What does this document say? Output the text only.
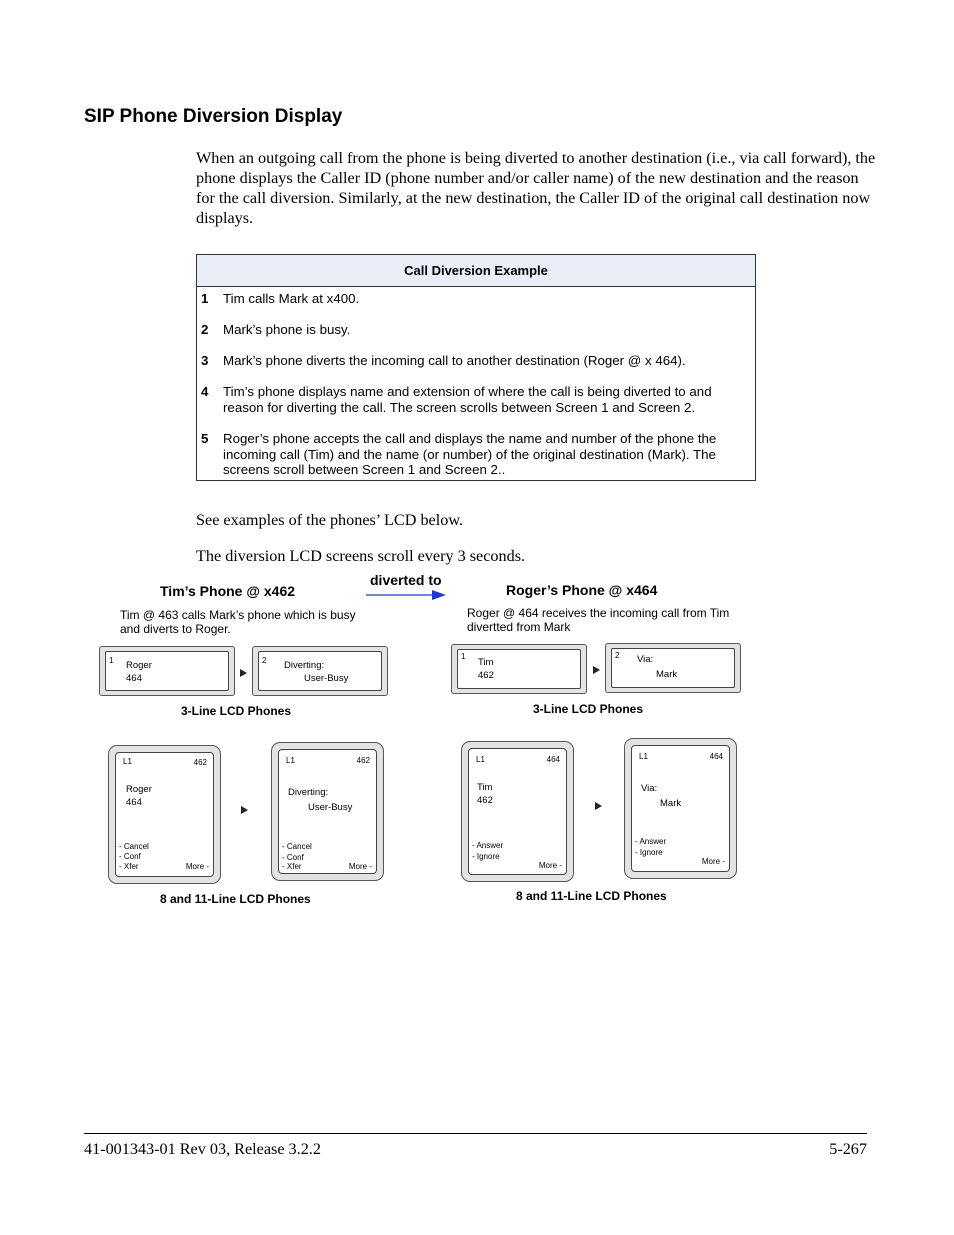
SIP Phone Diversion Display
When an outgoing call from the phone is being diverted to another destination (i.e., via call forward), the phone displays the Caller ID (phone number and/or caller name) of the new destination and the reason for the call diversion. Similarly, at the new destination, the Caller ID of the original call destination now displays.
Call Diversion Example
1 Tim calls Mark at x400.
2 Mark’s phone is busy.
3 Mark’s phone diverts the incoming call to another destination (Roger @ x 464).
4 Tim’s phone displays name and extension of where the call is being diverted to and reason for diverting the call. The screen scrolls between Screen 1 and Screen 2.
5 Roger’s phone accepts the call and displays the name and number of the phone the incoming call (Tim) and the name (or number) of the original destination (Mark). The screens scroll between Screen 1 and Screen 2..
See examples of the phones’ LCD below.
The diversion LCD screens scroll every 3 seconds.
Tim’s Phone @ x462
diverted to
Roger’s Phone @ x464
Tim @ 463 calls Mark’s phone which is busy and diverts to Roger.
Roger @ 464 receives the incoming call from Tim divertted from Mark
1 Roger
464
2 Diverting:
User-Busy
3-Line LCD Phones
1
Tim
462
2 Via:
Mark
3-Line LCD Phones
L1	462
Roger
464
- Cancel
- Conf
- Xfer	More -
L1	462
Diverting:
User-Busy
- Cancel
- Conf
- Xfer	More -
8 and 11-Line LCD Phones
L1	464
Tim
462
- Answer
- Ignore
More -
L1	464
Via:
Mark
- Answer
- Ignore
More -
8 and 11-Line LCD Phones
41-001343-01 Rev 03, Release 3.2.2	5-267
